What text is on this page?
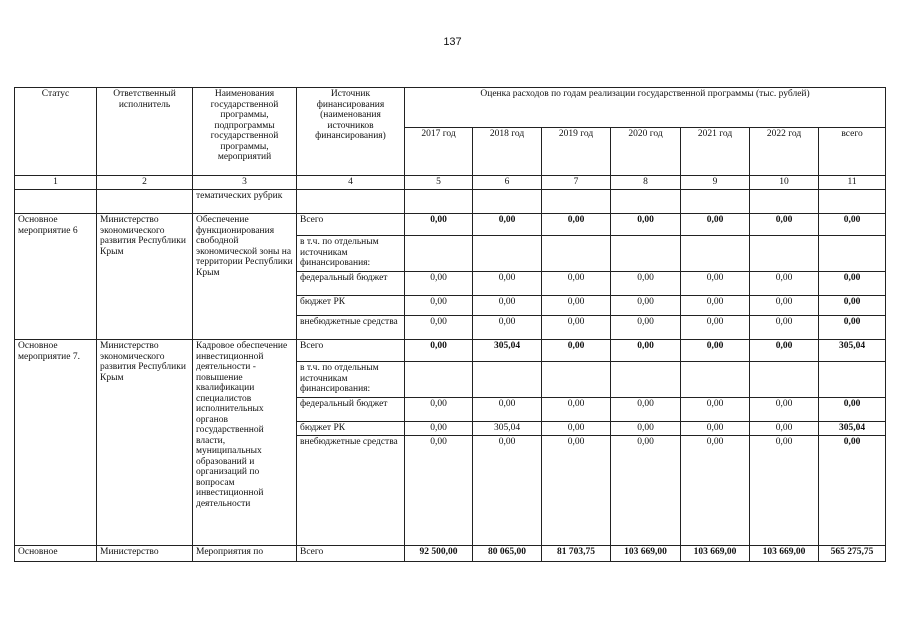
137
Статус	Ответственный исполнитель	Наименования государственной программы, подпрограммы государственной программы, мероприятий	Источник финансирования (наименования источников финансирования)	Оценка расходов по годам реализации государственной программы (тыс. рублей)						
				2017 год	2018 год	2019 год	2020 год	2021 год	2022 год	всего
1	2	3	4	5	6	7	8	9	10	11
		тематических рубрик								
Основное мероприятие 6	Министерство экономического развития Республики Крым	Обеспечение функционирования свободной экономической зоны на территории Республики Крым	Всего	0,00	0,00	0,00	0,00	0,00	0,00	0,00
			в т.ч. по отдельным источникам финансирования:							
			федеральный бюджет	0,00	0,00	0,00	0,00	0,00	0,00	0,00
			бюджет РК	0,00	0,00	0,00	0,00	0,00	0,00	0,00
			внебюджетные средства	0,00	0,00	0,00	0,00	0,00	0,00	0,00
Основное мероприятие 7.	Министерство экономического развития Республики Крым	Кадровое обеспечение инвестиционной деятельности - повышение квалификации специалистов исполнительных органов государственной власти, муниципальных образований и организаций по вопросам инвестиционной деятельности	Всего	0,00	305,04	0,00	0,00	0,00	0,00	305,04
			в т.ч. по отдельным источникам финансирования:							
			федеральный бюджет	0,00	0,00	0,00	0,00	0,00	0,00	0,00
			бюджет РК	0,00	305,04	0,00	0,00	0,00	0,00	305,04
			внебюджетные средства	0,00	0,00	0,00	0,00	0,00	0,00	0,00
Основное	Министерство	Мероприятия по	Всего	92 500,00	80 065,00	81 703,75	103 669,00	103 669,00	103 669,00	565 275,75
